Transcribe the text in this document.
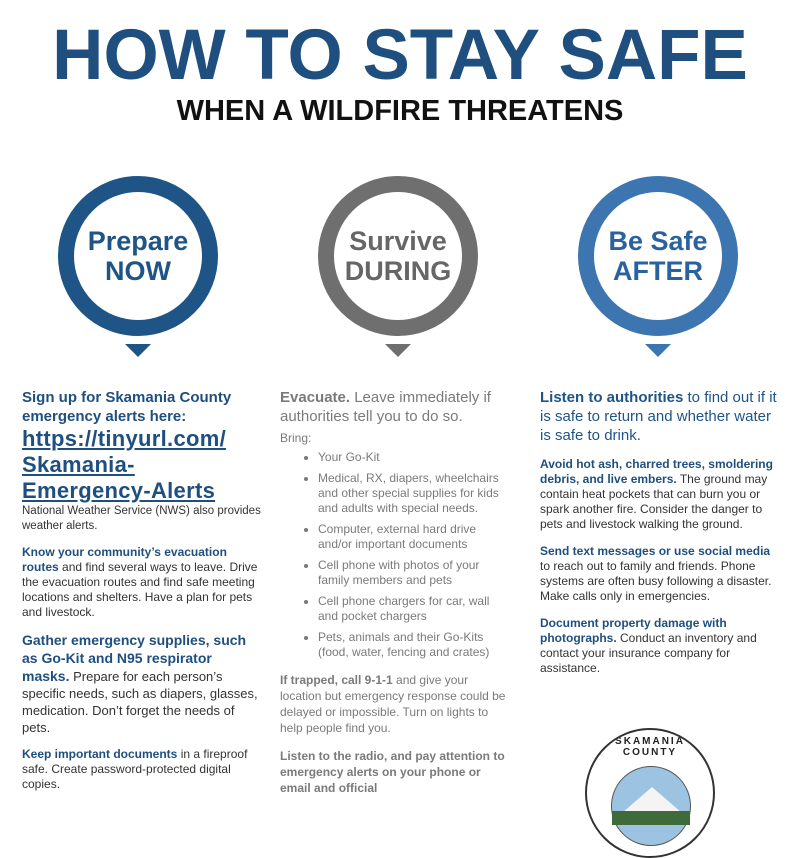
HOW TO STAY SAFE
WHEN A WILDFIRE THREATENS
Prepare
NOW
Survive
DURING
Be Safe
AFTER

Sign up for Skamania County emergency alerts here:

https://tinyurl.com/ Skamania- Emergency-Alerts

National Weather Service (NWS) also provides weather alerts.

Know your community’s evacuation routes and find several ways to leave. Drive the evacuation routes and find safe meeting locations and shelters. Have a plan for pets and livestock.

Gather emergency supplies, such as Go-Kit and N95 respirator masks. Prepare for each person’s specific needs, such as diapers, glasses, medication. Don’t forget the needs of pets.

Keep important documents in a fireproof safe. Create password-protected digital copies.

Evacuate. Leave immediately if authorities tell you to do so.

Bring:

• Your Go-Kit
• Medical, RX, diapers, wheelchairs and other special supplies for kids and adults with special needs.
• Computer, external hard drive and/or important documents
• Cell phone with photos of your family members and pets
• Cell phone chargers for car, wall and pocket chargers
• Pets, animals and their Go-Kits (food, water, fencing and crates)

If trapped, call 9-1-1 and give your location but emergency response could be delayed or impossible. Turn on lights to help people find you.

Listen to the radio, and pay attention to emergency alerts on your phone or email and official

Listen to authorities to find out if it is safe to return and whether water is safe to drink.

Avoid hot ash, charred trees, smoldering debris, and live embers. The ground may contain heat pockets that can burn you or spark another fire. Consider the danger to pets and livestock walking the ground.

Send text messages or use social media to reach out to family and friends. Phone systems are often busy following a disaster. Make calls only in emergencies.

Document property damage with photographs. Conduct an inventory and contact your insurance company for assistance.

SKAMANIA COUNTY
